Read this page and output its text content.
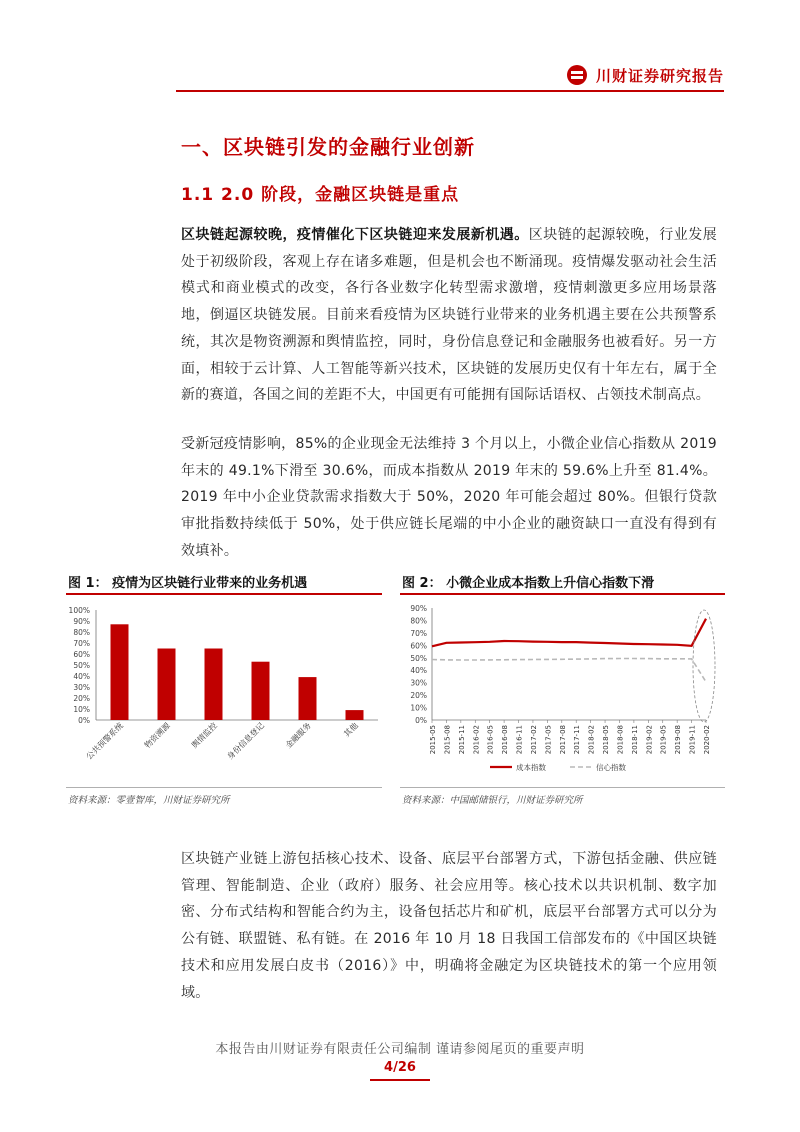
川财证券研究报告
一、区块链引发的金融行业创新
1.1 2.0 阶段，金融区块链是重点
区块链起源较晚，疫情催化下区块链迎来发展新机遇。区块链的起源较晚，行业发展处于初级阶段，客观上存在诸多难题，但是机会也不断涌现。疫情爆发驱动社会生活模式和商业模式的改变，各行各业数字化转型需求激增，疫情刺激更多应用场景落地，倒逼区块链发展。目前来看疫情为区块链行业带来的业务机遇主要在公共预警系统，其次是物资溯源和舆情监控，同时，身份信息登记和金融服务也被看好。另一方面，相较于云计算、人工智能等新兴技术，区块链的发展历史仅有十年左右，属于全新的赛道，各国之间的差距不大，中国更有可能拥有国际话语权、占领技术制高点。
受新冠疫情影响，85%的企业现金无法维持 3 个月以上，小微企业信心指数从 2019 年末的 49.1%下滑至 30.6%，而成本指数从 2019 年末的 59.6%上升至 81.4%。2019 年中小企业贷款需求指数大于 50%，2020 年可能会超过 80%。但银行贷款审批指数持续低于 50%，处于供应链长尾端的中小企业的融资缺口一直没有得到有效填补。
图 1： 疫情为区块链行业带来的业务机遇
0%
10%
20%
30%
40%
50%
60%
70%
80%
90%
100%
公共预警系统 物资溯源 舆情监控 身份信息登记 金融服务	其他
资料来源：零壹智库，川财证券研究所
图 2： 小微企业成本指数上升信心指数下滑
0%
10%
20%
30%
40%
50%
60%
70%
80%
90%
2015-05 2015-08 2015-11 2016-02 2016-05 2016-08 2016-11 2017-02 2017-05 2017-08 2017-11 2018-02 2018-05 2018-08 2018-11 2019-02 2019-05 2019-08 2019-11 2020-02
成本指数	信心指数
资料来源：中国邮储银行，川财证券研究所
区块链产业链上游包括核心技术、设备、底层平台部署方式，下游包括金融、供应链管理、智能制造、企业（政府）服务、社会应用等。核心技术以共识机制、数字加密、分布式结构和智能合约为主，设备包括芯片和矿机，底层平台部署方式可以分为公有链、联盟链、私有链。在 2016 年 10 月 18 日我国工信部发布的《中国区块链技术和应用发展白皮书（2016）》中，明确将金融定为区块链技术的第一个应用领域。
本报告由川财证券有限责任公司编制 谨请参阅尾页的重要声明
4/26
